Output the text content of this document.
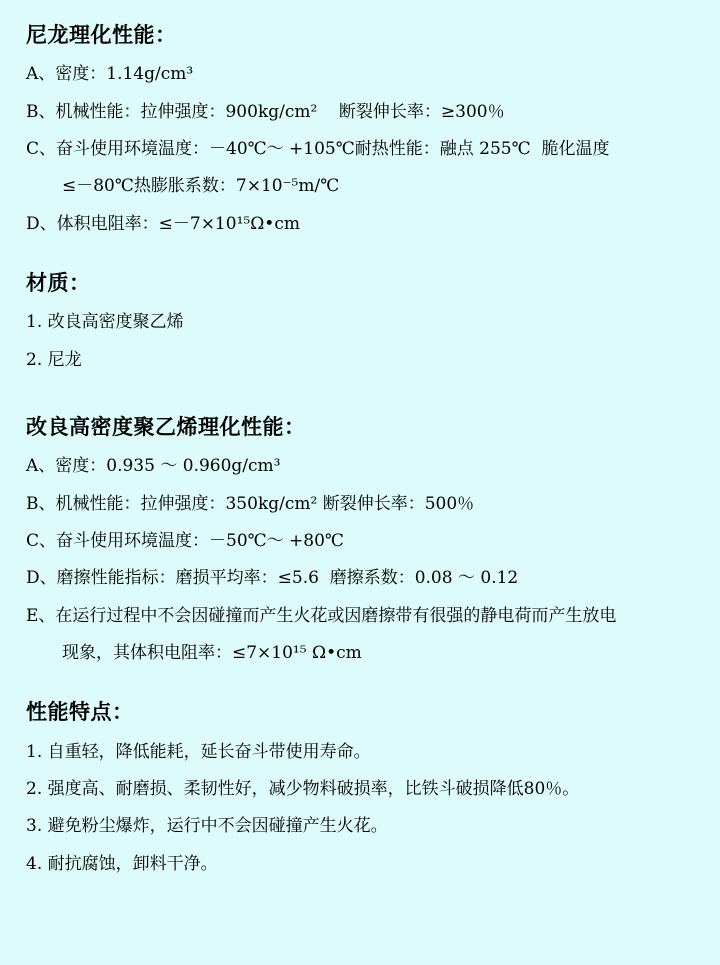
尼龙理化性能：
A、密度：1.14g/cm³
B、机械性能：拉伸强度：900kg/cm²    断裂伸长率：≥300％
C、奋斗使用环境温度：－40℃～ +105℃耐热性能：融点 255℃  脆化温度
≤－80℃热膨胀系数：7×10⁻⁵m/℃
D、体积电阻率：≤－7×10¹⁵Ω•cm
材质：
1. 改良高密度聚乙烯
2. 尼龙
改良高密度聚乙烯理化性能：
A、密度：0.935 ～ 0.960g/cm³
B、机械性能：拉伸强度：350kg/cm² 断裂伸长率：500％
C、奋斗使用环境温度：－50℃～ +80℃
D、磨擦性能指标：磨损平均率：≤5.6  磨擦系数：0.08 ～ 0.12
E、在运行过程中不会因碰撞而产生火花或因磨擦带有很强的静电荷而产生放电
现象，其体积电阻率：≤7×10¹⁵ Ω•cm
性能特点：
1. 自重轻，降低能耗，延长奋斗带使用寿命。
2. 强度高、耐磨损、柔韧性好，减少物料破损率，比铁斗破损降低80％。
3. 避免粉尘爆炸，运行中不会因碰撞产生火花。
4. 耐抗腐蚀，卸料干净。
